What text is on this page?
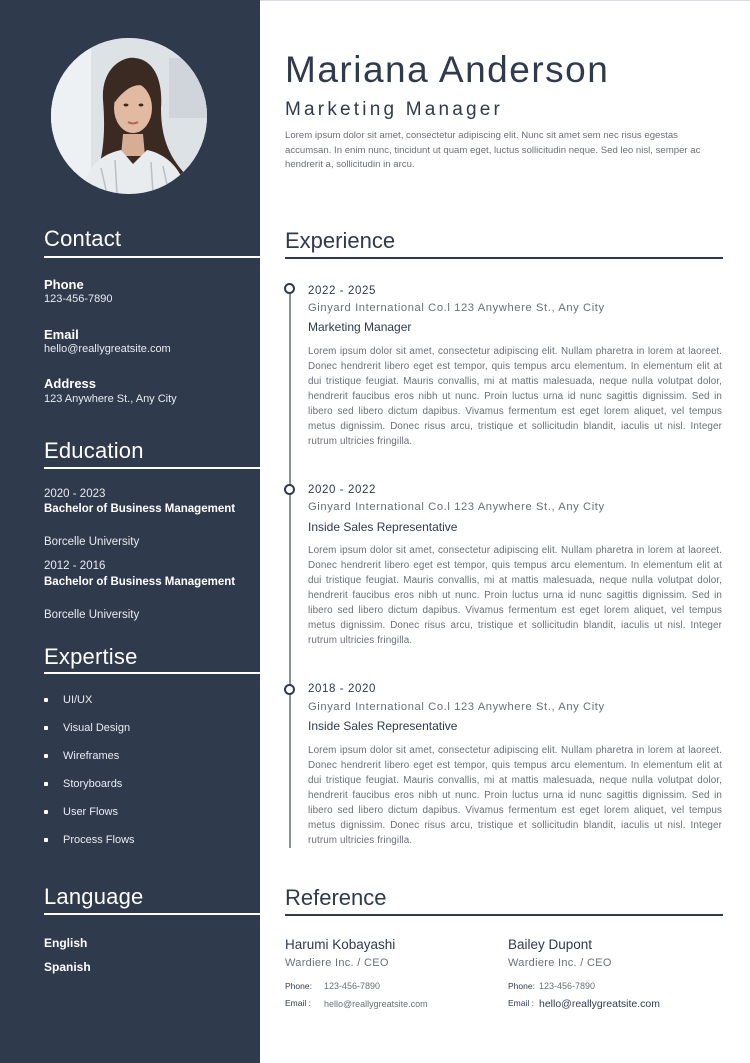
Contact
Phone
123-456-7890
Email
hello@reallygreatsite.com
Address
123 Anywhere St., Any City
Education
2020 - 2023
Bachelor of Business Management
Borcelle University
2012 - 2016
Bachelor of Business Management
Borcelle University
Expertise
UI/UX
Visual Design
Wireframes
Storyboards
User Flows
Process Flows
Language
English
Spanish
Mariana Anderson
Marketing Manager
Lorem ipsum dolor sit amet, consectetur adipiscing elit. Nunc sit amet sem nec risus egestas accumsan. In enim nunc, tincidunt ut quam eget, luctus sollicitudin neque. Sed leo nisl, semper ac hendrerit a, sollicitudin in arcu.
Experience
2022 - 2025
Ginyard International Co.l 123 Anywhere St., Any City
Marketing Manager
Lorem ipsum dolor sit amet, consectetur adipiscing elit. Nullam pharetra in lorem at laoreet. Donec hendrerit libero eget est tempor, quis tempus arcu elementum. In elementum elit at dui tristique feugiat. Mauris convallis, mi at mattis malesuada, neque nulla volutpat dolor, hendrerit faucibus eros nibh ut nunc. Proin luctus urna id nunc sagittis dignissim. Sed in libero sed libero dictum dapibus. Vivamus fermentum est eget lorem aliquet, vel tempus metus dignissim. Donec risus arcu, tristique et sollicitudin blandit, iaculis ut nisl. Integer rutrum ultricies fringilla.
2020 - 2022
Ginyard International Co.l 123 Anywhere St., Any City
Inside Sales Representative
Lorem ipsum dolor sit amet, consectetur adipiscing elit. Nullam pharetra in lorem at laoreet. Donec hendrerit libero eget est tempor, quis tempus arcu elementum. In elementum elit at dui tristique feugiat. Mauris convallis, mi at mattis malesuada, neque nulla volutpat dolor, hendrerit faucibus eros nibh ut nunc. Proin luctus urna id nunc sagittis dignissim. Sed in libero sed libero dictum dapibus. Vivamus fermentum est eget lorem aliquet, vel tempus metus dignissim. Donec risus arcu, tristique et sollicitudin blandit, iaculis ut nisl. Integer rutrum ultricies fringilla.
2018 - 2020
Ginyard International Co.l 123 Anywhere St., Any City
Inside Sales Representative
Lorem ipsum dolor sit amet, consectetur adipiscing elit. Nullam pharetra in lorem at laoreet. Donec hendrerit libero eget est tempor, quis tempus arcu elementum. In elementum elit at dui tristique feugiat. Mauris convallis, mi at mattis malesuada, neque nulla volutpat dolor, hendrerit faucibus eros nibh ut nunc. Proin luctus urna id nunc sagittis dignissim. Sed in libero sed libero dictum dapibus. Vivamus fermentum est eget lorem aliquet, vel tempus metus dignissim. Donec risus arcu, tristique et sollicitudin blandit, iaculis ut nisl. Integer rutrum ultricies fringilla.
Reference
Harumi Kobayashi
Wardiere Inc. / CEO
Phone: 123-456-7890
Email : hello@reallygreatsite.com
Bailey Dupont
Wardiere Inc. / CEO
Phone: 123-456-7890
Email : hello@reallygreatsite.com
